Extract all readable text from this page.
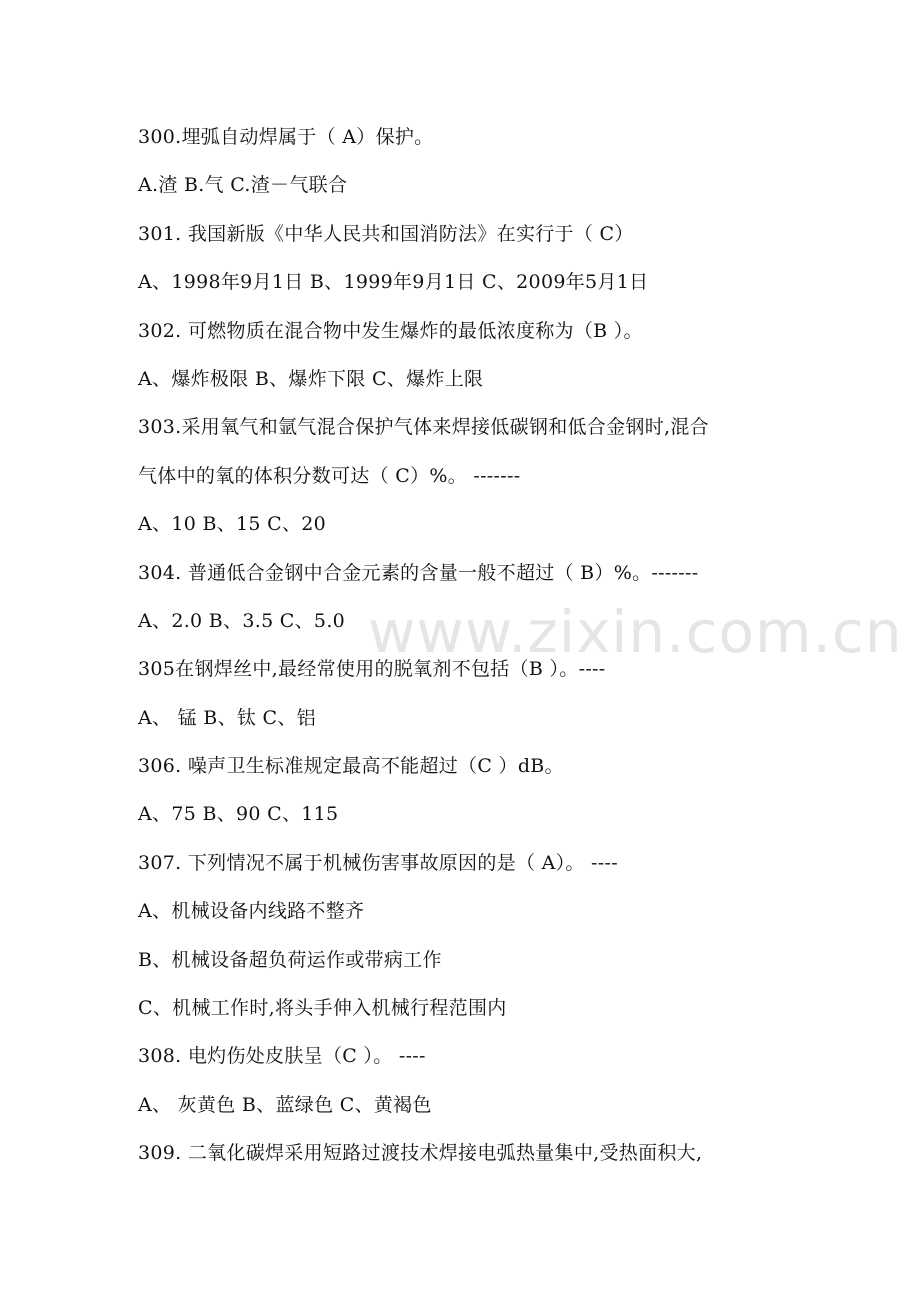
300.埋弧自动焊属于（ A）保护。
A.渣 B.气 C.渣－气联合
301. 我国新版《中华人民共和国消防法》在实行于（ C）
A、1998年9月1日 B、1999年9月1日 C、2009年5月1日
302. 可燃物质在混合物中发生爆炸的最低浓度称为（B ）。
A、爆炸极限 B、爆炸下限 C、爆炸上限
303.采用氧气和氩气混合保护气体来焊接低碳钢和低合金钢时,混合
气体中的氧的体积分数可达（ C）%。 -------
A、10 B、15 C、20
304. 普通低合金钢中合金元素的含量一般不超过（ B）%。-------
A、2.0 B、3.5 C、5.0
305在钢焊丝中,最经常使用的脱氧剂不包括（B ）。----
A、 锰 B、钛 C、铝
306. 噪声卫生标准规定最高不能超过（C ）dB。
A、75 B、90 C、115
307. 下列情况不属于机械伤害事故原因的是（ A）。 ----
A、机械设备内线路不整齐
B、机械设备超负荷运作或带病工作
C、机械工作时,将头手伸入机械行程范围内
308. 电灼伤处皮肤呈（C ）。 ----
A、 灰黄色 B、蓝绿色 C、黄褐色
309. 二氧化碳焊采用短路过渡技术焊接电弧热量集中,受热面积大,
www.zixin.com.cn
